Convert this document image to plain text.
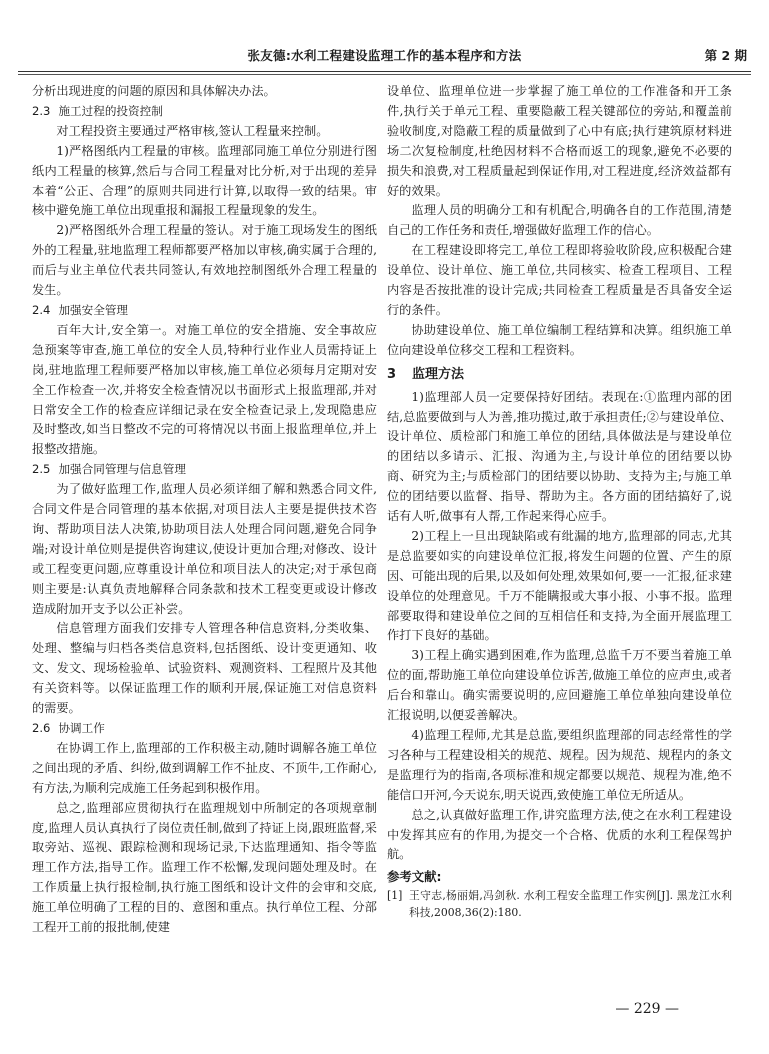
张友德:水利工程建设监理工作的基本程序和方法	第 2 期

分析出现进度的问题的原因和具体解决办法。

2.3 施工过程的投资控制

对工程投资主要通过严格审核,签认工程量来控制。

1)严格图纸内工程量的审核。监理部同施工单位分别进行图纸内工程量的核算,然后与合同工程量对比分析,对于出现的差异本着“公正、合理”的原则共同进行计算,以取得一致的结果。审核中避免施工单位出现重报和漏报工程量现象的发生。

2)严格图纸外合理工程量的签认。对于施工现场发生的图纸外的工程量,驻地监理工程师都要严格加以审核,确实属于合理的,而后与业主单位代表共同签认,有效地控制图纸外合理工程量的发生。

2.4 加强安全管理

百年大计,安全第一。对施工单位的安全措施、安全事故应急预案等审查,施工单位的安全人员,特种行业作业人员需持证上岗,驻地监理工程师要严格加以审核,施工单位必须每月定期对安全工作检查一次,并将安全检查情况以书面形式上报监理部,并对日常安全工作的检查应详细记录在安全检查记录上,发现隐患应及时整改,如当日整改不完的可将情况以书面上报监理单位,并上报整改措施。

2.5 加强合同管理与信息管理

为了做好监理工作,监理人员必须详细了解和熟悉合同文件,合同文件是合同管理的基本依据,对项目法人主要是提供技术咨询、帮助项目法人决策,协助项目法人处理合同问题,避免合同争端;对设计单位则是提供咨询建议,使设计更加合理;对修改、设计或工程变更问题,应尊重设计单位和项目法人的决定;对于承包商则主要是:认真负责地解释合同条款和技术工程变更或设计修改造成附加开支予以公正补尝。

信息管理方面我们安排专人管理各种信息资料,分类收集、处理、整编与归档各类信息资料,包括图纸、设计变更通知、收文、发文、现场检验单、试验资料、观测资料、工程照片及其他有关资料等。以保证监理工作的顺利开展,保证施工对信息资料的需要。

2.6 协调工作

在协调工作上,监理部的工作积极主动,随时调解各施工单位之间出现的矛盾、纠纷,做到调解工作不扯皮、不顶牛,工作耐心,有方法,为顺利完成施工任务起到积极作用。

总之,监理部应贯彻执行在监理规划中所制定的各项规章制度,监理人员认真执行了岗位责任制,做到了持证上岗,跟班监督,采取旁站、巡视、跟踪检测和现场记录,下达监理通知、指令等监理工作方法,指导工作。监理工作不松懈,发现问题处理及时。在工作质量上执行报检制,执行施工图纸和设计文件的会审和交底,施工单位明确了工程的目的、意图和重点。执行单位工程、分部工程开工前的报批制,使建

设单位、监理单位进一步掌握了施工单位的工作准备和开工条件,执行关于单元工程、重要隐蔽工程关键部位的旁站,和覆盖前验收制度,对隐蔽工程的质量做到了心中有底;执行建筑原材料进场二次复检制度,杜绝因材料不合格而返工的现象,避免不必要的损失和浪费,对工程质量起到保证作用,对工程进度,经济效益都有好的效果。

监理人员的明确分工和有机配合,明确各自的工作范围,清楚自己的工作任务和责任,增强做好监理工作的信心。

在工程建设即将完工,单位工程即将验收阶段,应积极配合建设单位、设计单位、施工单位,共同核实、检查工程项目、工程内容是否按批准的设计完成;共同检查工程质量是否具备安全运行的条件。

协助建设单位、施工单位编制工程结算和决算。组织施工单位向建设单位移交工程和工程资料。

3 监理方法

1)监理部人员一定要保持好团结。表现在:①监理内部的团结,总监要做到与人为善,推功揽过,敢于承担责任;②与建设单位、设计单位、质检部门和施工单位的团结,具体做法是与建设单位的团结以多请示、汇报、沟通为主,与设计单位的团结要以协商、研究为主;与质检部门的团结要以协助、支持为主;与施工单位的团结要以监督、指导、帮助为主。各方面的团结搞好了,说话有人听,做事有人帮,工作起来得心应手。

2)工程上一旦出现缺陷或有纰漏的地方,监理部的同志,尤其是总监要如实的向建设单位汇报,将发生问题的位置、产生的原因、可能出现的后果,以及如何处理,效果如何,要一一汇报,征求建设单位的处理意见。千万不能瞒报或大事小报、小事不报。监理部要取得和建设单位之间的互相信任和支持,为全面开展监理工作打下良好的基础。

3)工程上确实遇到困难,作为监理,总监千万不要当着施工单位的面,帮助施工单位向建设单位诉苦,做施工单位的应声虫,或者后台和靠山。确实需要说明的,应回避施工单位单独向建设单位汇报说明,以便妥善解决。

4)监理工程师,尤其是总监,要组织监理部的同志经常性的学习各种与工程建设相关的规范、规程。因为规范、规程内的条文是监理行为的指南,各项标准和规定都要以规范、规程为准,绝不能信口开河,今天说东,明天说西,致使施工单位无所适从。

总之,认真做好监理工作,讲究监理方法,使之在水利工程建设中发挥其应有的作用,为提交一个合格、优质的水利工程保驾护航。

参考文献:
[1] 王守志,杨丽娟,冯剑秋. 水利工程安全监理工作实例[J]. 黑龙江水利科技,2008,36(2):180.
— 229 —
